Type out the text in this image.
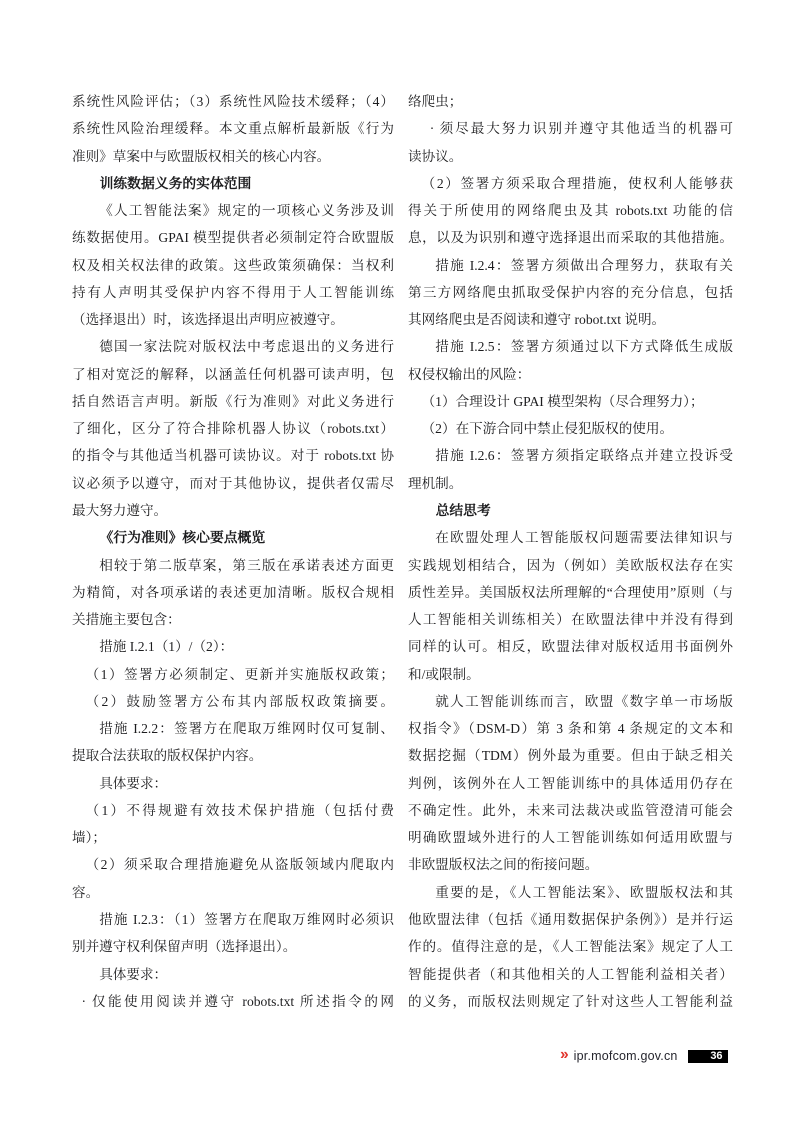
系统性风险评估；（3）系统性风险技术缓释；（4）
系统性风险治理缓释。本文重点解析最新版《行为
准则》草案中与欧盟版权相关的核心内容。
训练数据义务的实体范围
《人工智能法案》规定的一项核心义务涉及训
练数据使用。GPAI 模型提供者必须制定符合欧盟版
权及相关权法律的政策。这些政策须确保：当权利
持有人声明其受保护内容不得用于人工智能训练
（选择退出）时，该选择退出声明应被遵守。
德国一家法院对版权法中考虑退出的义务进行
了相对宽泛的解释，以涵盖任何机器可读声明，包
括自然语言声明。新版《行为准则》对此义务进行
了细化，区分了符合排除机器人协议（robots.txt）
的指令与其他适当机器可读协议。对于 robots.txt 协
议必须予以遵守，而对于其他协议，提供者仅需尽
最大努力遵守。
《行为准则》核心要点概览
相较于第二版草案，第三版在承诺表述方面更
为精简，对各项承诺的表述更加清晰。版权合规相
关措施主要包含：
措施 I.2.1（1）/（2）：
（1）签署方必须制定、更新并实施版权政策；
（2）鼓励签署方公布其内部版权政策摘要。
措施 I.2.2：签署方在爬取万维网时仅可复制、
提取合法获取的版权保护内容。
具体要求：
（1）不得规避有效技术保护措施（包括付费
墙）；
（2）须采取合理措施避免从盗版领域内爬取内
容。
措施 I.2.3：（1）签署方在爬取万维网时必须识
别并遵守权利保留声明（选择退出）。
具体要求：
· 仅能使用阅读并遵守 robots.txt 所述指令的网
络爬虫；
· 须尽最大努力识别并遵守其他适当的机器可
读协议。
（2）签署方须采取合理措施，使权利人能够获
得关于所使用的网络爬虫及其 robots.txt 功能的信
息，以及为识别和遵守选择退出而采取的其他措施。
措施 I.2.4：签署方须做出合理努力，获取有关
第三方网络爬虫抓取受保护内容的充分信息，包括
其网络爬虫是否阅读和遵守 robot.txt 说明。
措施 I.2.5：签署方须通过以下方式降低生成版
权侵权输出的风险：
（1）合理设计 GPAI 模型架构（尽合理努力）；
（2）在下游合同中禁止侵犯版权的使用。
措施 I.2.6：签署方须指定联络点并建立投诉受
理机制。
总结思考
在欧盟处理人工智能版权问题需要法律知识与
实践规划相结合，因为（例如）美欧版权法存在实
质性差异。美国版权法所理解的“合理使用”原则（与
人工智能相关训练相关）在欧盟法律中并没有得到
同样的认可。相反，欧盟法律对版权适用书面例外
和/或限制。
就人工智能训练而言，欧盟《数字单一市场版
权指令》（DSM-D）第 3 条和第 4 条规定的文本和
数据挖掘（TDM）例外最为重要。但由于缺乏相关
判例，该例外在人工智能训练中的具体适用仍存在
不确定性。此外，未来司法裁决或监管澄清可能会
明确欧盟域外进行的人工智能训练如何适用欧盟与
非欧盟版权法之间的衔接问题。
重要的是，《人工智能法案》、欧盟版权法和其
他欧盟法律（包括《通用数据保护条例》）是并行运
作的。值得注意的是，《人工智能法案》规定了人工
智能提供者（和其他相关的人工智能利益相关者）
的义务，而版权法则规定了针对这些人工智能利益
›› ipr.mofcom.gov.cn	36
